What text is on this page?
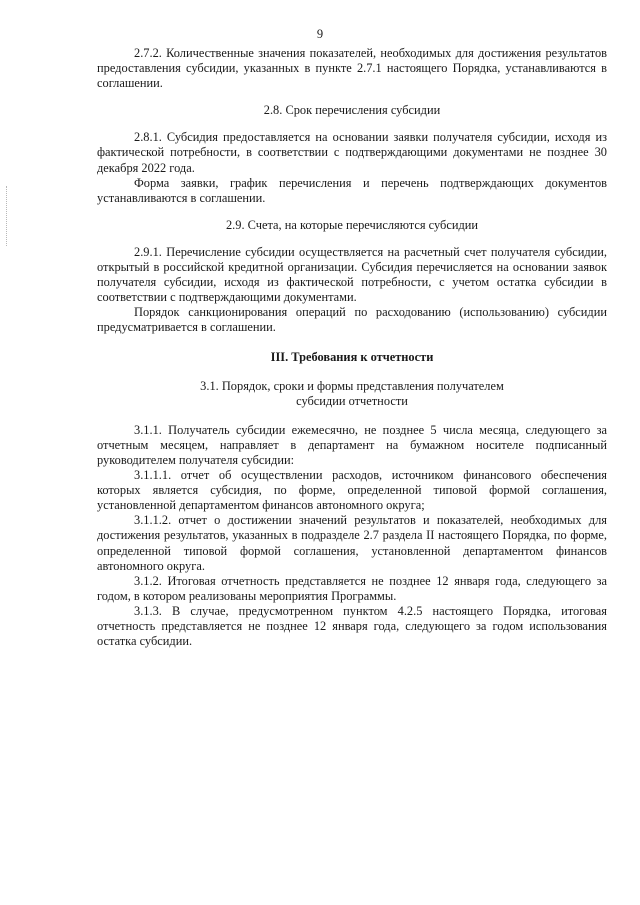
9

2.7.2. Количественные значения показателей, необходимых для достижения результатов предоставления субсидии, указанных в пункте 2.7.1 настоящего Порядка, устанавливаются в соглашении.

2.8. Срок перечисления субсидии

2.8.1. Субсидия предоставляется на основании заявки получателя субсидии, исходя из фактической потребности, в соответствии с подтверждающими документами не позднее 30 декабря 2022 года.

Форма заявки, график перечисления и перечень подтверждающих документов устанавливаются в соглашении.

2.9. Счета, на которые перечисляются субсидии

2.9.1. Перечисление субсидии осуществляется на расчетный счет получателя субсидии, открытый в российской кредитной организации. Субсидия перечисляется на основании заявок получателя субсидии, исходя из фактической потребности, с учетом остатка субсидии в соответствии с подтверждающими документами.

Порядок санкционирования операций по расходованию (использованию) субсидии предусматривается в соглашении.

III. Требования к отчетности

3.1. Порядок, сроки и формы представления получателем

субсидии отчетности

3.1.1. Получатель субсидии ежемесячно, не позднее 5 числа месяца, следующего за отчетным месяцем, направляет в департамент на бумажном носителе подписанный руководителем получателя субсидии:

3.1.1.1. отчет об осуществлении расходов, источником финансового обеспечения которых является субсидия, по форме, определенной типовой формой соглашения, установленной департаментом финансов автономного округа;

3.1.1.2. отчет о достижении значений результатов и показателей, необходимых для достижения результатов, указанных в подразделе 2.7 раздела II настоящего Порядка, по форме, определенной типовой формой соглашения, установленной департаментом финансов автономного округа.

3.1.2. Итоговая отчетность представляется не позднее 12 января года, следующего за годом, в котором реализованы мероприятия Программы.

3.1.3. В случае, предусмотренном пунктом 4.2.5 настоящего Порядка, итоговая отчетность представляется не позднее 12 января года, следующего за годом использования остатка субсидии.
